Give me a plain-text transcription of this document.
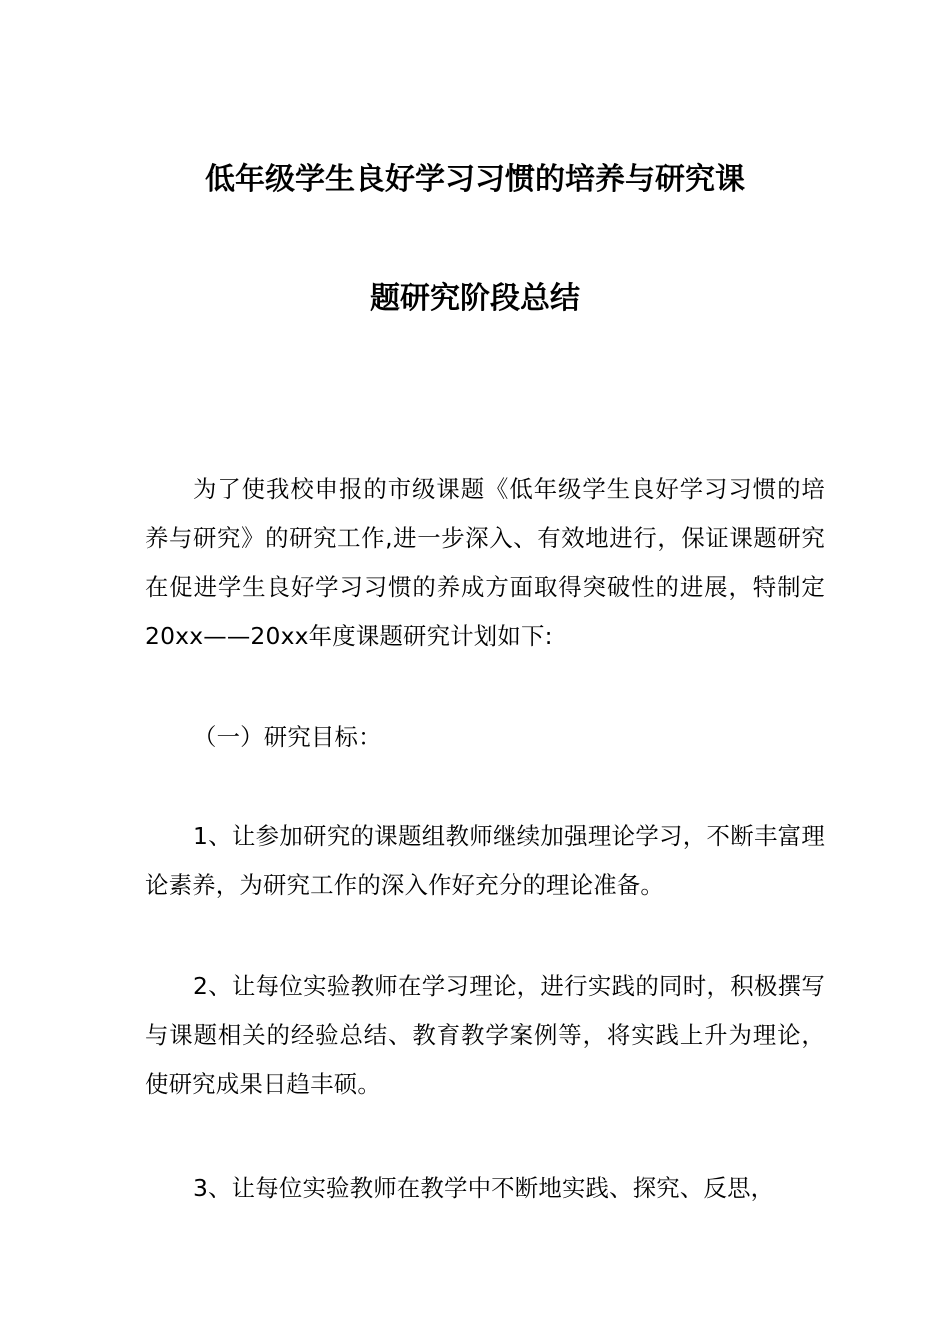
低年级学生良好学习习惯的培养与研究课
题研究阶段总结

为了使我校申报的市级课题《低年级学生良好学习习惯的培养与研究》的研究工作,进一步深入、有效地进行，保证课题研究在促进学生良好学习习惯的养成方面取得突破性的进展，特制定20xx——20xx年度课题研究计划如下:

（一）研究目标：

1、让参加研究的课题组教师继续加强理论学习，不断丰富理论素养，为研究工作的深入作好充分的理论准备。

2、让每位实验教师在学习理论，进行实践的同时，积极撰写与课题相关的经验总结、教育教学案例等，将实践上升为理论，使研究成果日趋丰硕。

3、让每位实验教师在教学中不断地实践、探究、反思，
